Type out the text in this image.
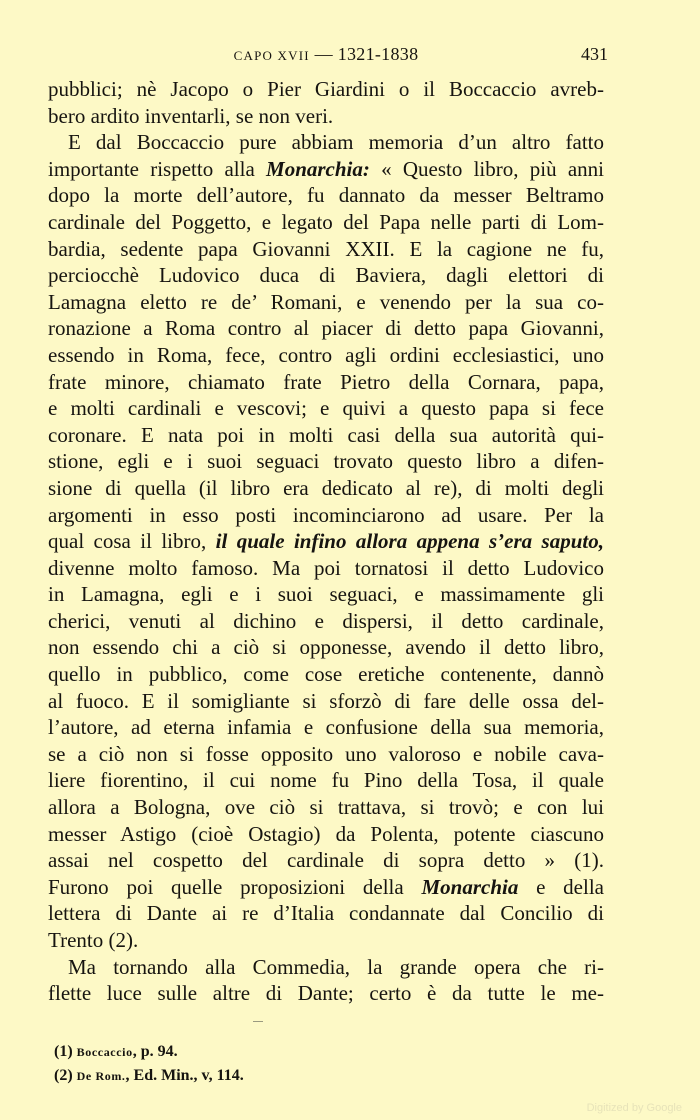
CAPO XVII — 1321-1838	431
pubblici; nè Jacopo o Pier Giardini o il Boccaccio avreb-
bero ardito inventarli, se non veri.
E dal Boccaccio pure abbiam memoria d’un altro fatto
importante rispetto alla Monarchia: « Questo libro, più anni
dopo la morte dell’autore, fu dannato da messer Beltramo
cardinale del Poggetto, e legato del Papa nelle parti di Lom-
bardia, sedente papa Giovanni XXII. E la cagione ne fu,
perciocchè Ludovico duca di Baviera, dagli elettori di
Lamagna eletto re de’ Romani, e venendo per la sua co-
ronazione a Roma contro al piacer di detto papa Giovanni,
essendo in Roma, fece, contro agli ordini ecclesiastici, uno
frate minore, chiamato frate Pietro della Cornara, papa,
e molti cardinali e vescovi; e quivi a questo papa si fece
coronare. E nata poi in molti casi della sua autorità qui-
stione, egli e i suoi seguaci trovato questo libro a difen-
sione di quella (il libro era dedicato al re), di molti degli
argomenti in esso posti incominciarono ad usare. Per la
qual cosa il libro, il quale infino allora appena s’era saputo,
divenne molto famoso. Ma poi tornatosi il detto Ludovico
in Lamagna, egli e i suoi seguaci, e massimamente gli
cherici, venuti al dichino e dispersi, il detto cardinale,
non essendo chi a ciò si opponesse, avendo il detto libro,
quello in pubblico, come cose eretiche contenente, dannò
al fuoco. E il somigliante si sforzò di fare delle ossa del-
l’autore, ad eterna infamia e confusione della sua memoria,
se a ciò non si fosse opposito uno valoroso e nobile cava-
liere fiorentino, il cui nome fu Pino della Tosa, il quale
allora a Bologna, ove ciò si trattava, si trovò; e con lui
messer Astigo (cioè Ostagio) da Polenta, potente ciascuno
assai nel cospetto del cardinale di sopra detto » (1).
Furono poi quelle proposizioni della Monarchia e della
lettera di Dante ai re d’Italia condannate dal Concilio di
Trento (2).
Ma tornando alla Commedia, la grande opera che ri-
flette luce sulle altre di Dante; certo è da tutte le me-
(1) Boccaccio, p. 94.
(2) De Rom., Ed. Min., v, 114.
Digitized by Google
